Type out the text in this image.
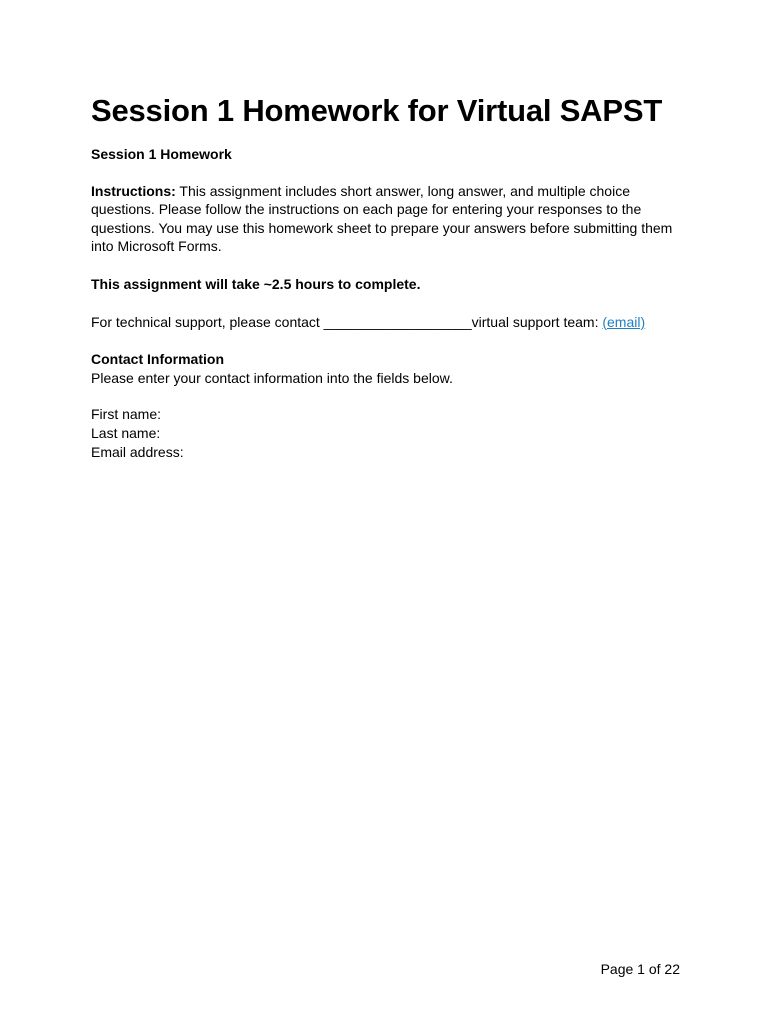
Session 1 Homework for Virtual SAPST

Session 1 Homework

Instructions: This assignment includes short answer, long answer, and multiple choice questions. Please follow the instructions on each page for entering your responses to the questions. You may use this homework sheet to prepare your answers before submitting them into Microsoft Forms.

This assignment will take ~2.5 hours to complete.

For technical support, please contact ___________________virtual support team: (email)

Contact Information

Please enter your contact information into the fields below.

First name:

Last name:

Email address:

Page 1 of 22
